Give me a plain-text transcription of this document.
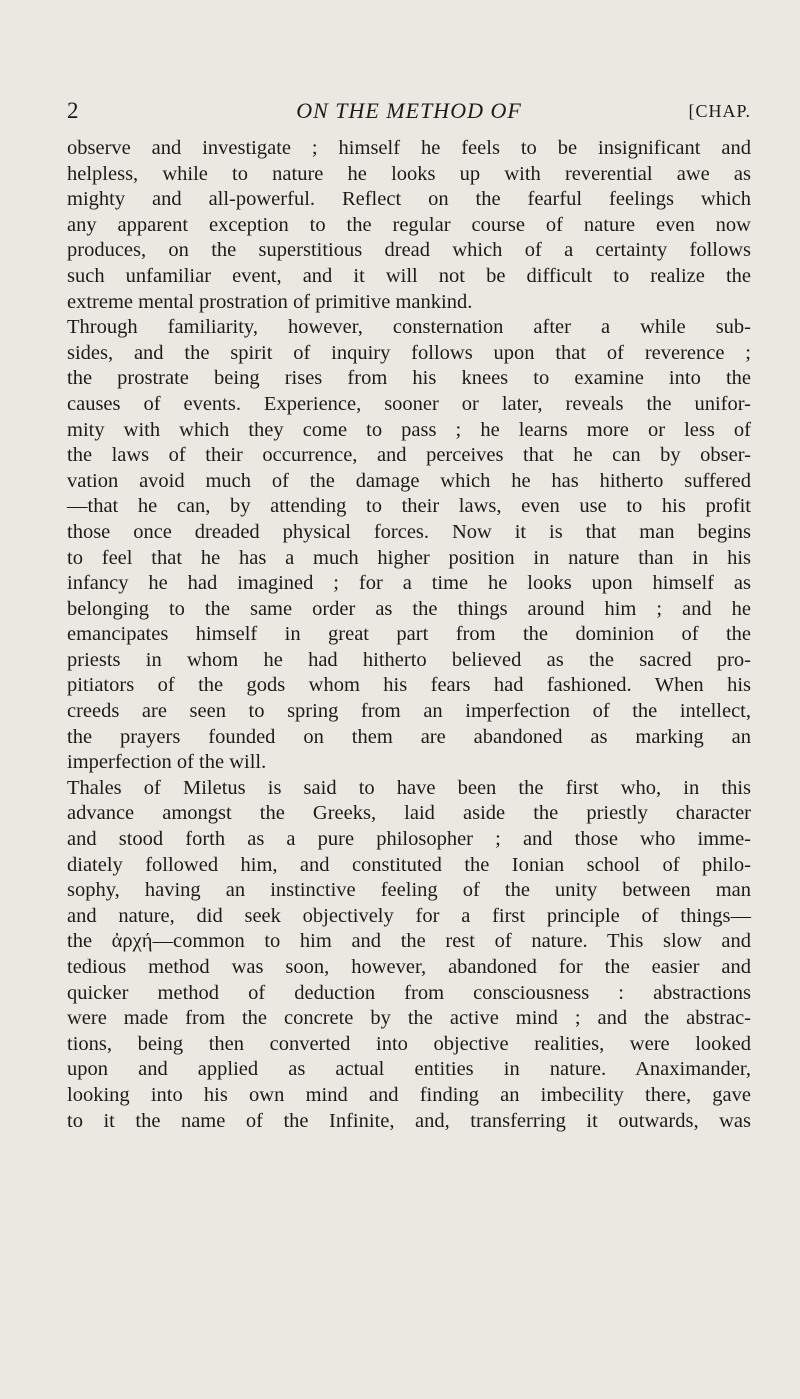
2	ON THE METHOD OF	[CHAP.
observe and investigate ; himself he feels to be insignificant and
helpless, while to nature he looks up with reverential awe as
mighty and all-powerful. Reflect on the fearful feelings which
any apparent exception to the regular course of nature even now
produces, on the superstitious dread which of a certainty follows
such unfamiliar event, and it will not be difficult to realize the
extreme mental prostration of primitive mankind.
Through familiarity, however, consternation after a while sub-
sides, and the spirit of inquiry follows upon that of reverence ;
the prostrate being rises from his knees to examine into the
causes of events. Experience, sooner or later, reveals the unifor-
mity with which they come to pass ; he learns more or less of
the laws of their occurrence, and perceives that he can by obser-
vation avoid much of the damage which he has hitherto suffered
—that he can, by attending to their laws, even use to his profit
those once dreaded physical forces. Now it is that man begins
to feel that he has a much higher position in nature than in his
infancy he had imagined ; for a time he looks upon himself as
belonging to the same order as the things around him ; and he
emancipates himself in great part from the dominion of the
priests in whom he had hitherto believed as the sacred pro-
pitiators of the gods whom his fears had fashioned. When his
creeds are seen to spring from an imperfection of the intellect,
the prayers founded on them are abandoned as marking an
imperfection of the will.
Thales of Miletus is said to have been the first who, in this
advance amongst the Greeks, laid aside the priestly character
and stood forth as a pure philosopher ; and those who imme-
diately followed him, and constituted the Ionian school of philo-
sophy, having an instinctive feeling of the unity between man
and nature, did seek objectively for a first principle of things—
the ἀρχή—common to him and the rest of nature. This slow and
tedious method was soon, however, abandoned for the easier and
quicker method of deduction from consciousness : abstractions
were made from the concrete by the active mind ; and the abstrac-
tions, being then converted into objective realities, were looked
upon and applied as actual entities in nature. Anaximander,
looking into his own mind and finding an imbecility there, gave
to it the name of the Infinite, and, transferring it outwards, was
